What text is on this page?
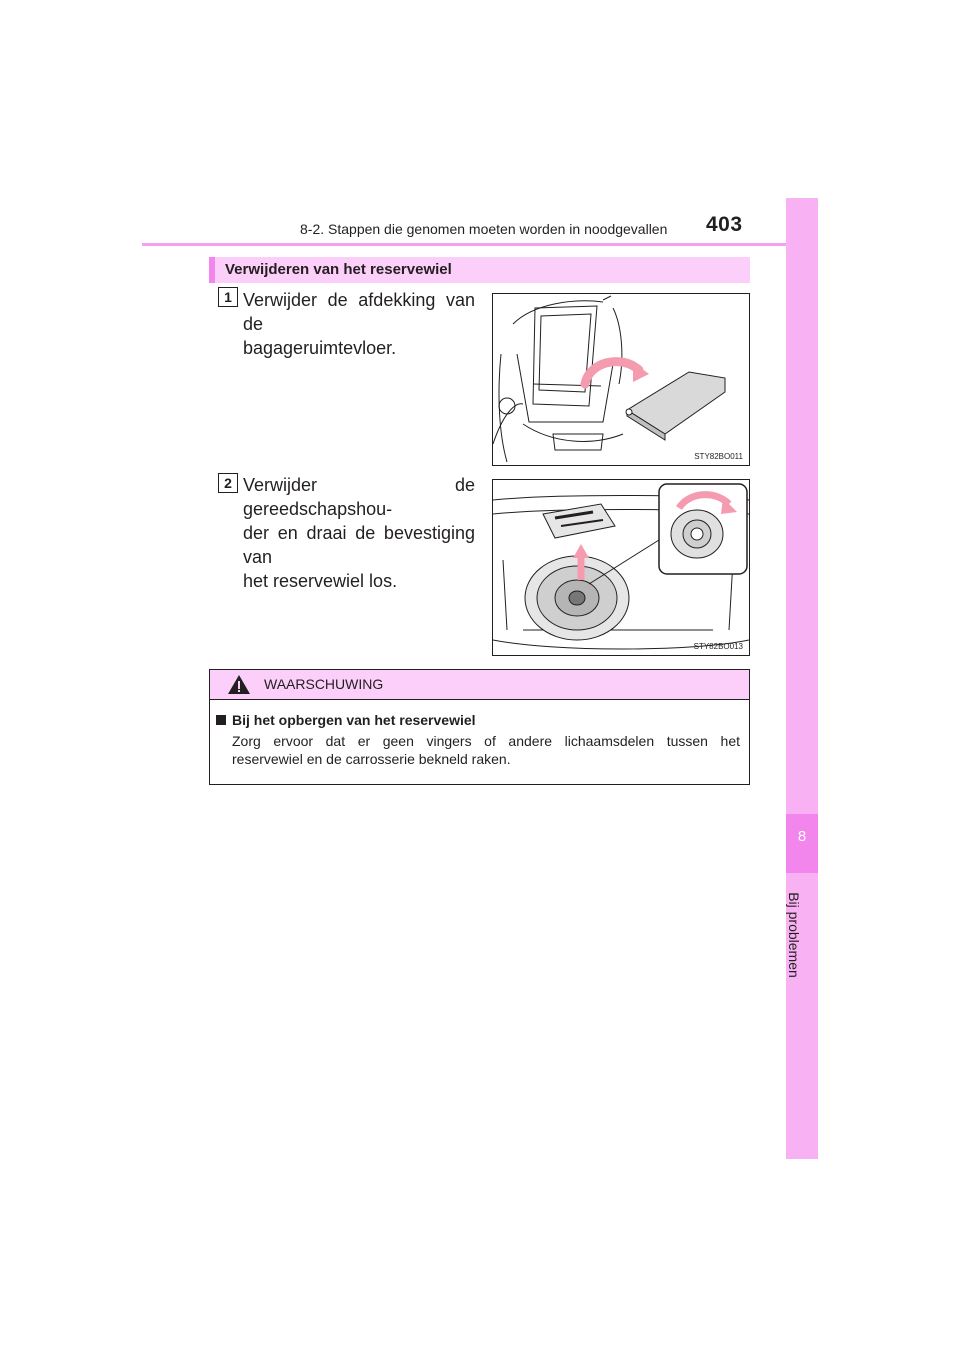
8-2. Stappen die genomen moeten worden in noodgevallen	403
8
Bij problemen
Verwijderen van het reservewiel
1 Verwijder de afdekking van de
bagageruimtevloer.
STY82BO011
2 Verwijder de gereedschapshou-
der en draai de bevestiging van
het reservewiel los.
STY82BO013
WAARSCHUWING
Bij het opbergen van het reservewiel
Zorg ervoor dat er geen vingers of andere lichaamsdelen tussen het
reservewiel en de carrosserie bekneld raken.
